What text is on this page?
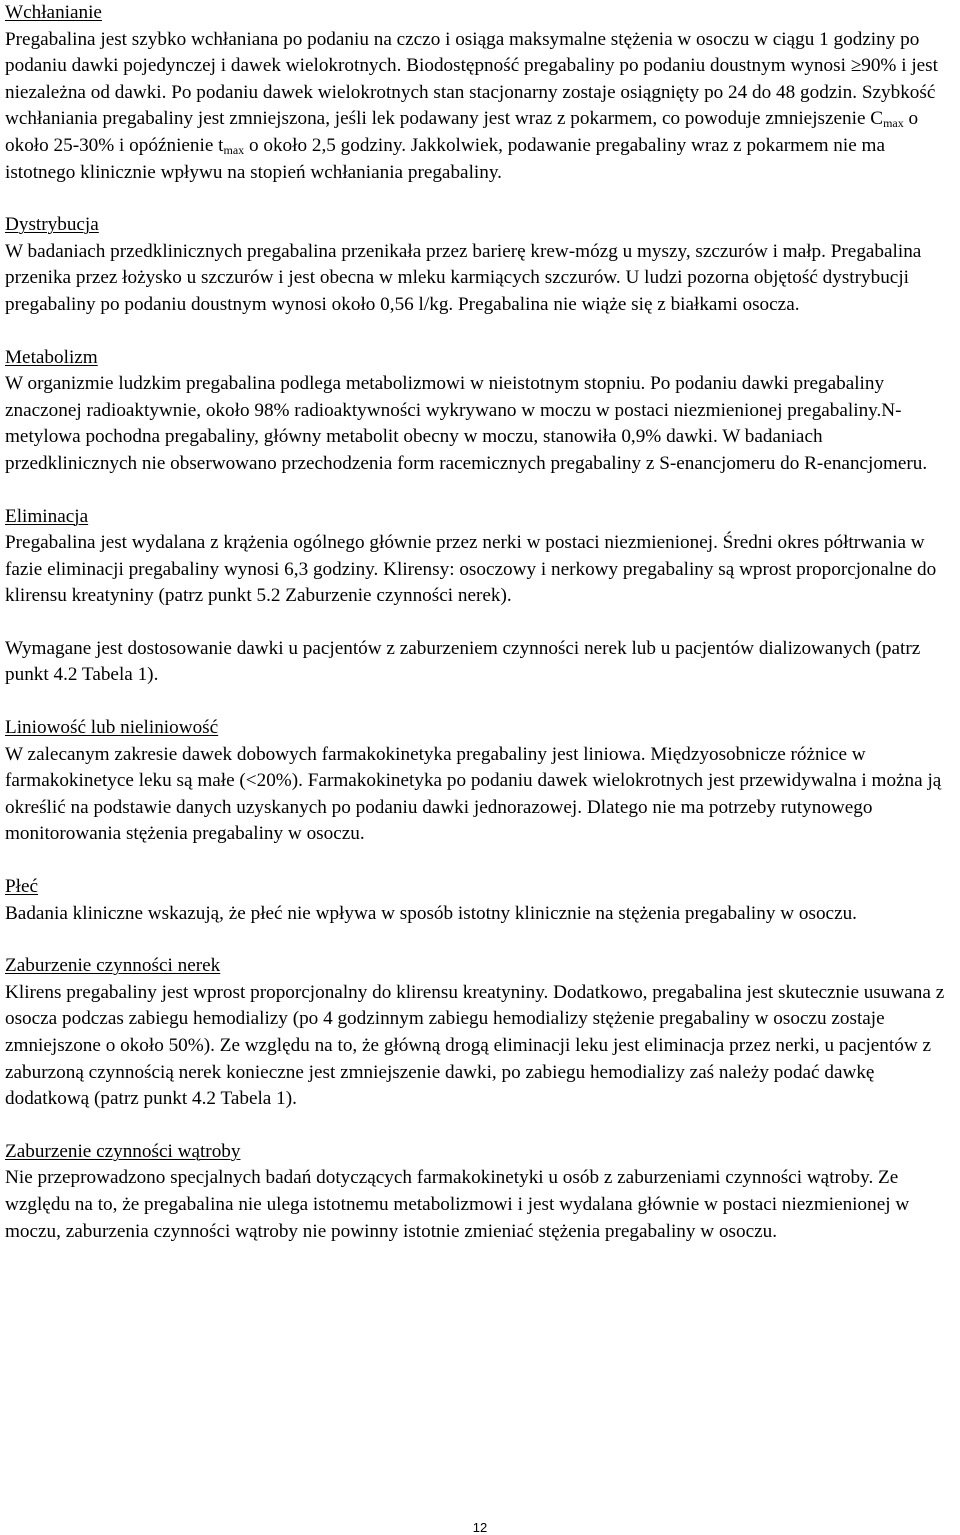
Wchłanianie

Pregabalina jest szybko wchłaniana po podaniu na czczo i osiąga maksymalne stężenia w osoczu w ciągu 1 godziny po podaniu dawki pojedynczej i dawek wielokrotnych. Biodostępność pregabaliny po podaniu doustnym wynosi ≥90% i jest niezależna od dawki. Po podaniu dawek wielokrotnych stan stacjonarny zostaje osiągnięty po 24 do 48 godzin. Szybkość wchłaniania pregabaliny jest zmniejszona, jeśli lek podawany jest wraz z pokarmem, co powoduje zmniejszenie $C_{max}$ o około 25-30% i opóźnienie $t_{max}$ o około 2,5 godziny. Jakkolwiek, podawanie pregabaliny wraz z pokarmem nie ma istotnego klinicznie wpływu na stopień wchłaniania pregabaliny.

Dystrybucja

W badaniach przedklinicznych pregabalina przenikała przez barierę krew-mózg u myszy, szczurów i małp. Pregabalina przenika przez łożysko u szczurów i jest obecna w mleku karmiących szczurów. U ludzi pozorna objętość dystrybucji pregabaliny po podaniu doustnym wynosi około 0,56 l/kg. Pregabalina nie wiąże się z białkami osocza.

Metabolizm

W organizmie ludzkim pregabalina podlega metabolizmowi w nieistotnym stopniu. Po podaniu dawki pregabaliny znaczonej radioaktywnie, około 98% radioaktywności wykrywano w moczu w postaci niezmienionej pregabaliny.N-metylowa pochodna pregabaliny, główny metabolit obecny w moczu, stanowiła 0,9% dawki. W badaniach przedklinicznych nie obserwowano przechodzenia form racemicznych pregabaliny z S-enancjomeru do R-enancjomeru.

Eliminacja

Pregabalina jest wydalana z krążenia ogólnego głównie przez nerki w postaci niezmienionej. Średni okres półtrwania w fazie eliminacji pregabaliny wynosi 6,3 godziny. Klirensy: osoczowy i nerkowy pregabaliny są wprost proporcjonalne do klirensu kreatyniny (patrz punkt 5.2 Zaburzenie czynności nerek).

Wymagane jest dostosowanie dawki u pacjentów z zaburzeniem czynności nerek lub u pacjentów dializowanych (patrz punkt 4.2 Tabela 1).

Liniowość lub nieliniowość

W zalecanym zakresie dawek dobowych farmakokinetyka pregabaliny jest liniowa. Międzyosobnicze różnice w farmakokinetyce leku są małe (<20%). Farmakokinetyka po podaniu dawek wielokrotnych jest przewidywalna i można ją określić na podstawie danych uzyskanych po podaniu dawki jednorazowej. Dlatego nie ma potrzeby rutynowego monitorowania stężenia pregabaliny w osoczu.

Płeć

Badania kliniczne wskazują, że płeć nie wpływa w sposób istotny klinicznie na stężenia pregabaliny w osoczu.

Zaburzenie czynności nerek

Klirens pregabaliny jest wprost proporcjonalny do klirensu kreatyniny. Dodatkowo, pregabalina jest skutecznie usuwana z osocza podczas zabiegu hemodializy (po 4 godzinnym zabiegu hemodializy stężenie pregabaliny w osoczu zostaje zmniejszone o około 50%). Ze względu na to, że główną drogą eliminacji leku jest eliminacja przez nerki, u pacjentów z zaburzoną czynnością nerek konieczne jest zmniejszenie dawki, po zabiegu hemodializy zaś należy podać dawkę dodatkową (patrz punkt 4.2 Tabela 1).

Zaburzenie czynności wątroby

Nie przeprowadzono specjalnych badań dotyczących farmakokinetyki u osób z zaburzeniami czynności wątroby. Ze względu na to, że pregabalina nie ulega istotnemu metabolizmowi i jest wydalana głównie w postaci niezmienionej w moczu, zaburzenia czynności wątroby nie powinny istotnie zmieniać stężenia pregabaliny w osoczu.

12
